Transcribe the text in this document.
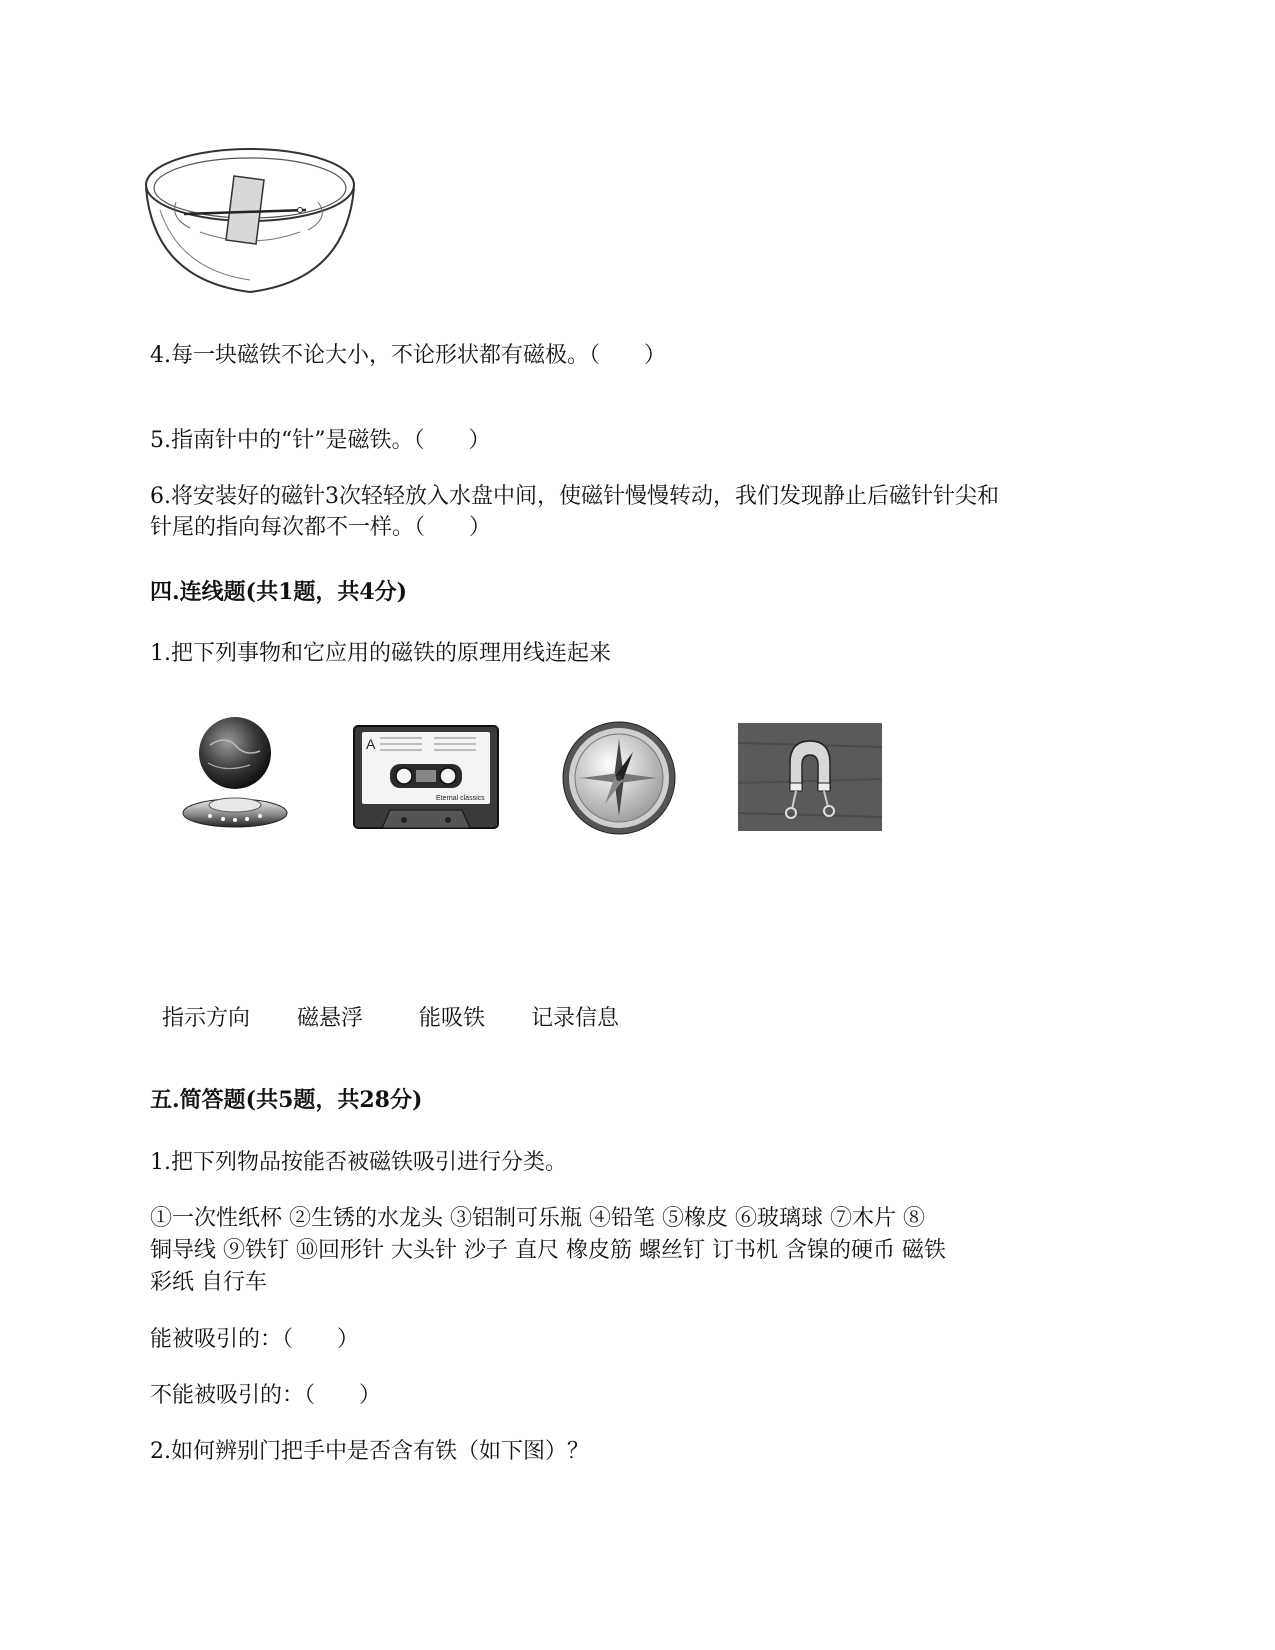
4.每一块磁铁不论大小，不论形状都有磁极。（　　）
5.指南针中的“针”是磁铁。（　　）
6.将安装好的磁针3次轻轻放入水盘中间，使磁针慢慢转动，我们发现静止后磁针针尖和
针尾的指向每次都不一样。（　　）
四.连线题(共1题，共4分)
1.把下列事物和它应用的磁铁的原理用线连起来
A
Eternal classics
指示方向 磁悬浮	能吸铁 记录信息
五.简答题(共5题，共28分)
1.把下列物品按能否被磁铁吸引进行分类。
①一次性纸杯 ②生锈的水龙头 ③铝制可乐瓶 ④铅笔 ⑤橡皮 ⑥玻璃球 ⑦木片 ⑧
铜导线 ⑨铁钉 ⑩回形针 大头针 沙子 直尺 橡皮筋 螺丝钉 订书机 含镍的硬币 磁铁
彩纸 自行车
能被吸引的：（　　）
不能被吸引的：（　　）
2.如何辨别门把手中是否含有铁（如下图）？
